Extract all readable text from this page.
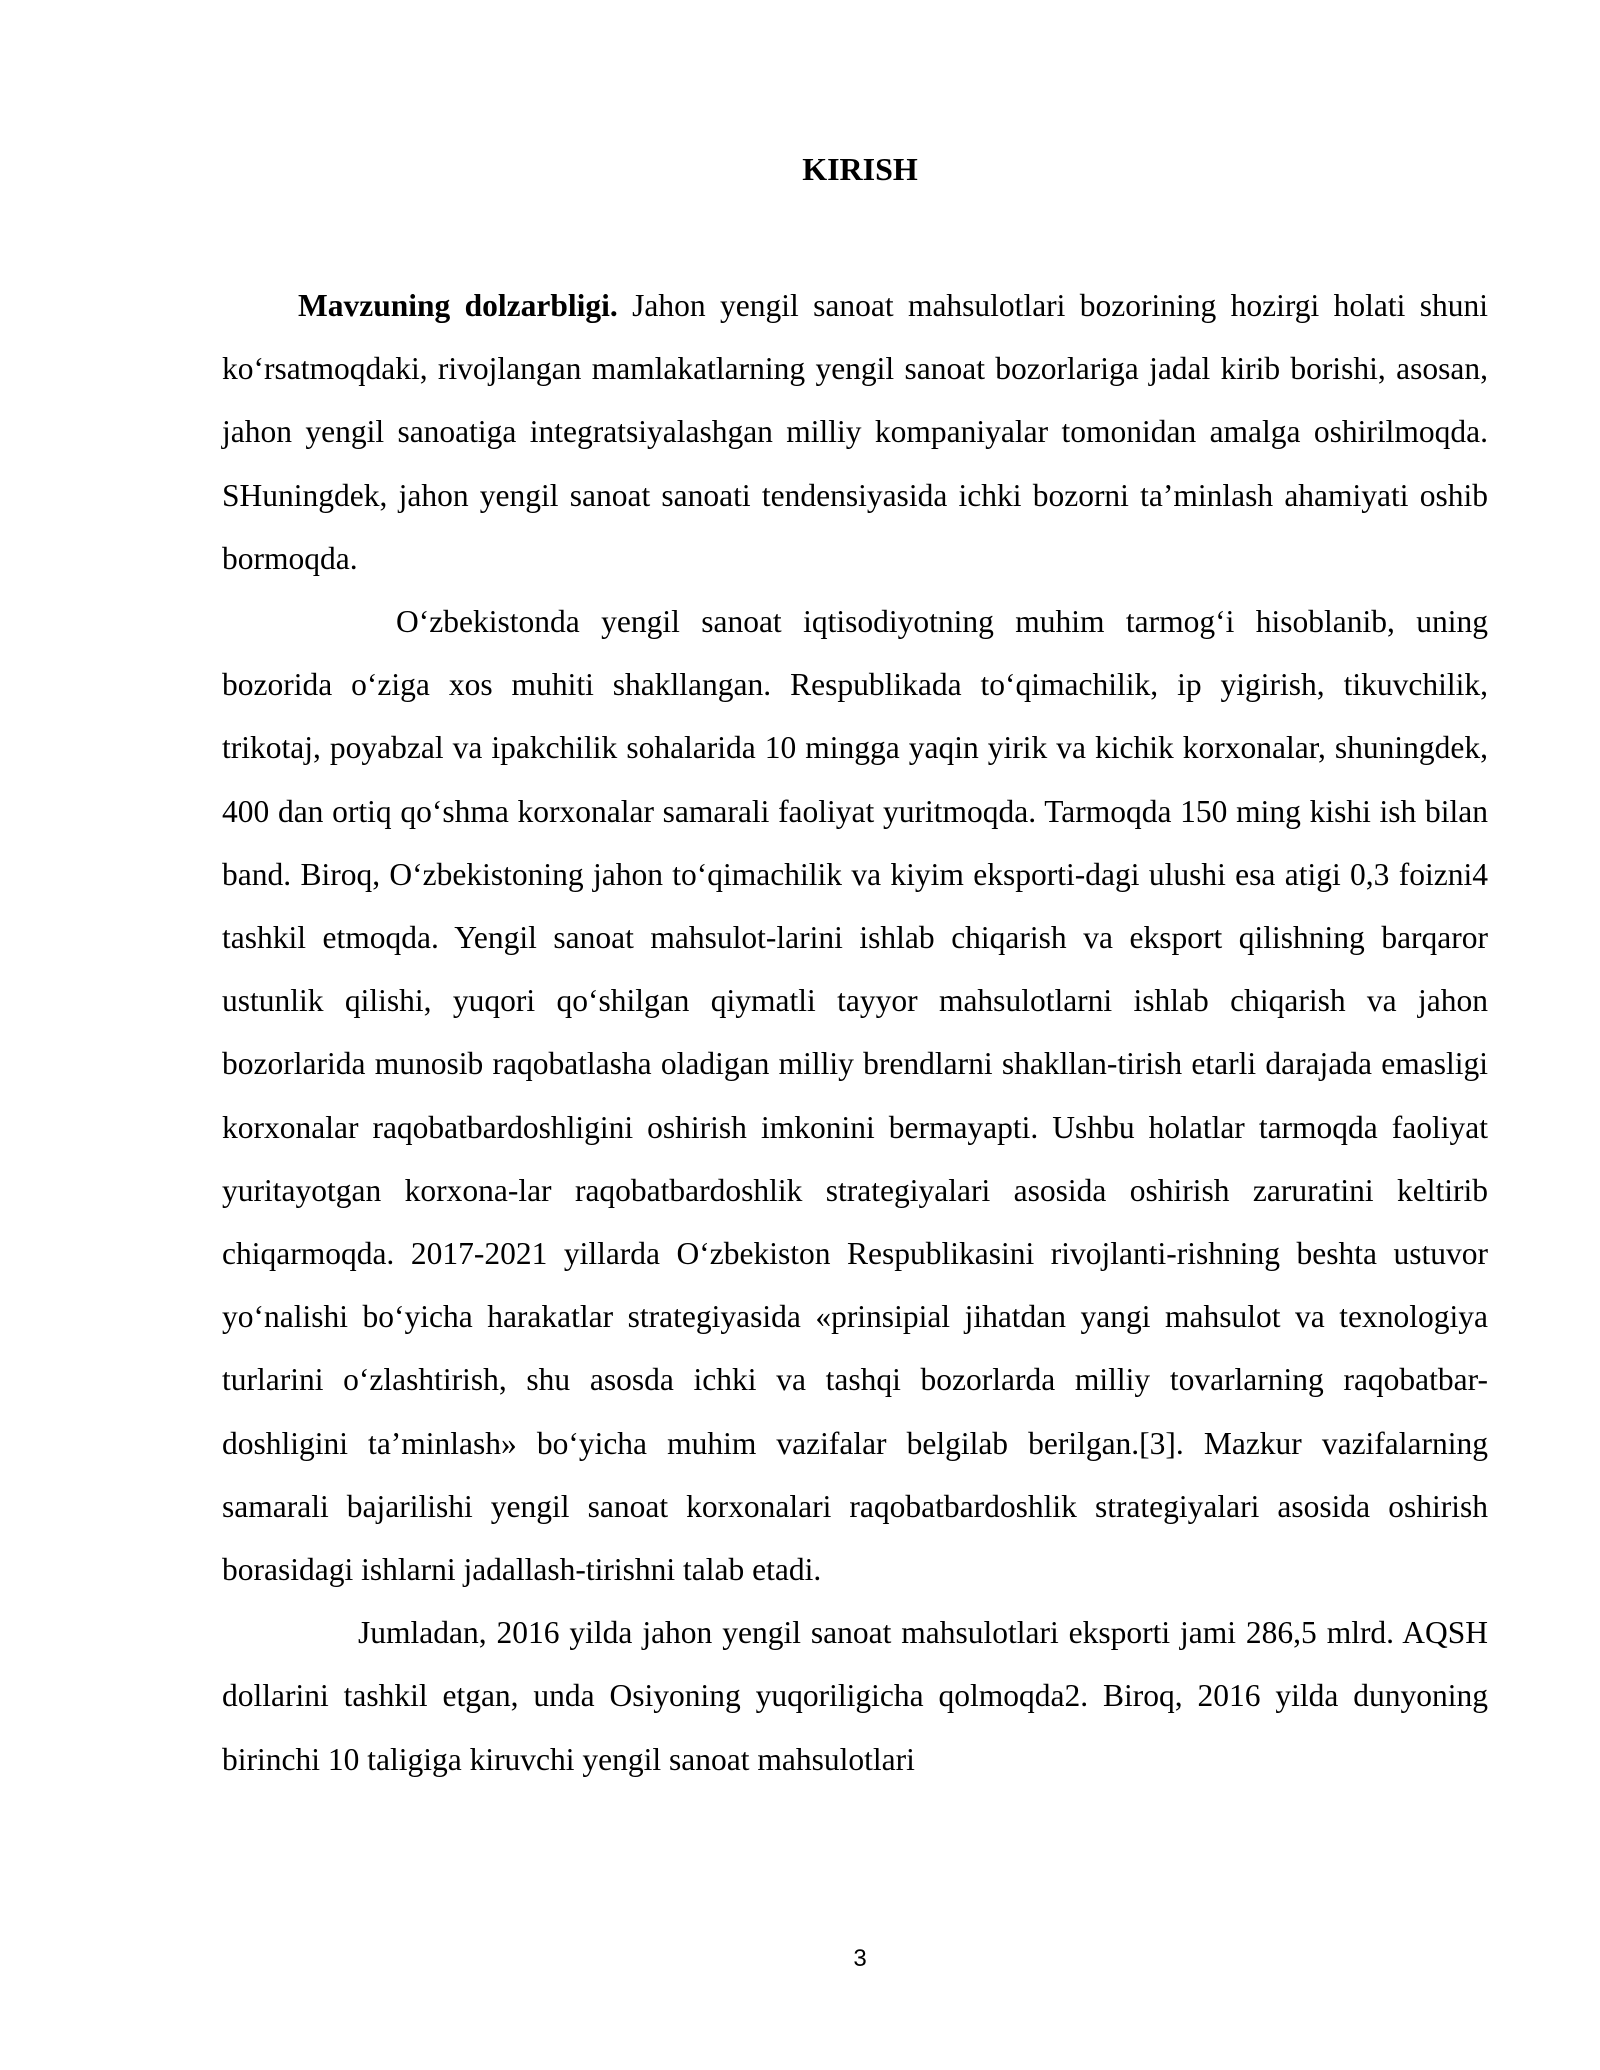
KIRISH

Mavzuning dolzarbligi. Jahon yengil sanoat mahsulotlari bozorining hozirgi holati shuni ko‘rsatmoqdaki, rivojlangan mamlakatlarning yengil sanoat bozorlariga jadal kirib borishi, asosan, jahon yengil sanoatiga integratsiyalashgan milliy kompaniyalar tomonidan amalga oshirilmoqda. SHuningdek, jahon yengil sanoat sanoati tendensiyasida ichki bozorni ta’minlash ahamiyati oshib bormoqda.

O‘zbekistonda yengil sanoat iqtisodiyotning muhim tarmog‘i hisoblanib, uning bozorida o‘ziga xos muhiti shakllangan. Respublikada to‘qimachilik, ip yigirish, tikuvchilik, trikotaj, poyabzal va ipakchilik sohalarida 10 mingga yaqin yirik va kichik korxonalar, shuningdek, 400 dan ortiq qo‘shma korxonalar samarali faoliyat yuritmoqda. Tarmoqda 150 ming kishi ish bilan band. Biroq, O‘zbekistoning jahon to‘qimachilik va kiyim eksporti-dagi ulushi esa atigi 0,3 foizni4 tashkil etmoqda. Yengil sanoat mahsulot-larini ishlab chiqarish va eksport qilishning barqaror ustunlik qilishi, yuqori qo‘shilgan qiymatli tayyor mahsulotlarni ishlab chiqarish va jahon bozorlarida munosib raqobatlasha oladigan milliy brendlarni shakllan-tirish etarli darajada emasligi korxonalar raqobatbardoshligini oshirish imkonini bermayapti. Ushbu holatlar tarmoqda faoliyat yuritayotgan korxona-lar raqobatbardoshlik strategiyalari asosida oshirish zaruratini keltirib chiqarmoqda. 2017-2021 yillarda O‘zbekiston Respublikasini rivojlanti-rishning beshta ustuvor yo‘nalishi bo‘yicha harakatlar strategiyasida «prinsipial jihatdan yangi mahsulot va texnologiya turlarini o‘zlashtirish, shu asosda ichki va tashqi bozorlarda milliy tovarlarning raqobatbar-doshligini ta’minlash» bo‘yicha muhim vazifalar belgilab berilgan.[3]. Mazkur vazifalarning samarali bajarilishi yengil sanoat korxonalari raqobatbardoshlik strategiyalari asosida oshirish borasidagi ishlarni jadallash-tirishni talab etadi.

Jumladan, 2016 yilda jahon yengil sanoat mahsulotlari eksporti jami 286,5 mlrd. AQSH dollarini tashkil etgan, unda Osiyoning yuqoriligicha qolmoqda2. Biroq, 2016 yilda dunyoning birinchi 10 taligiga kiruvchi yengil sanoat mahsulotlari

3
